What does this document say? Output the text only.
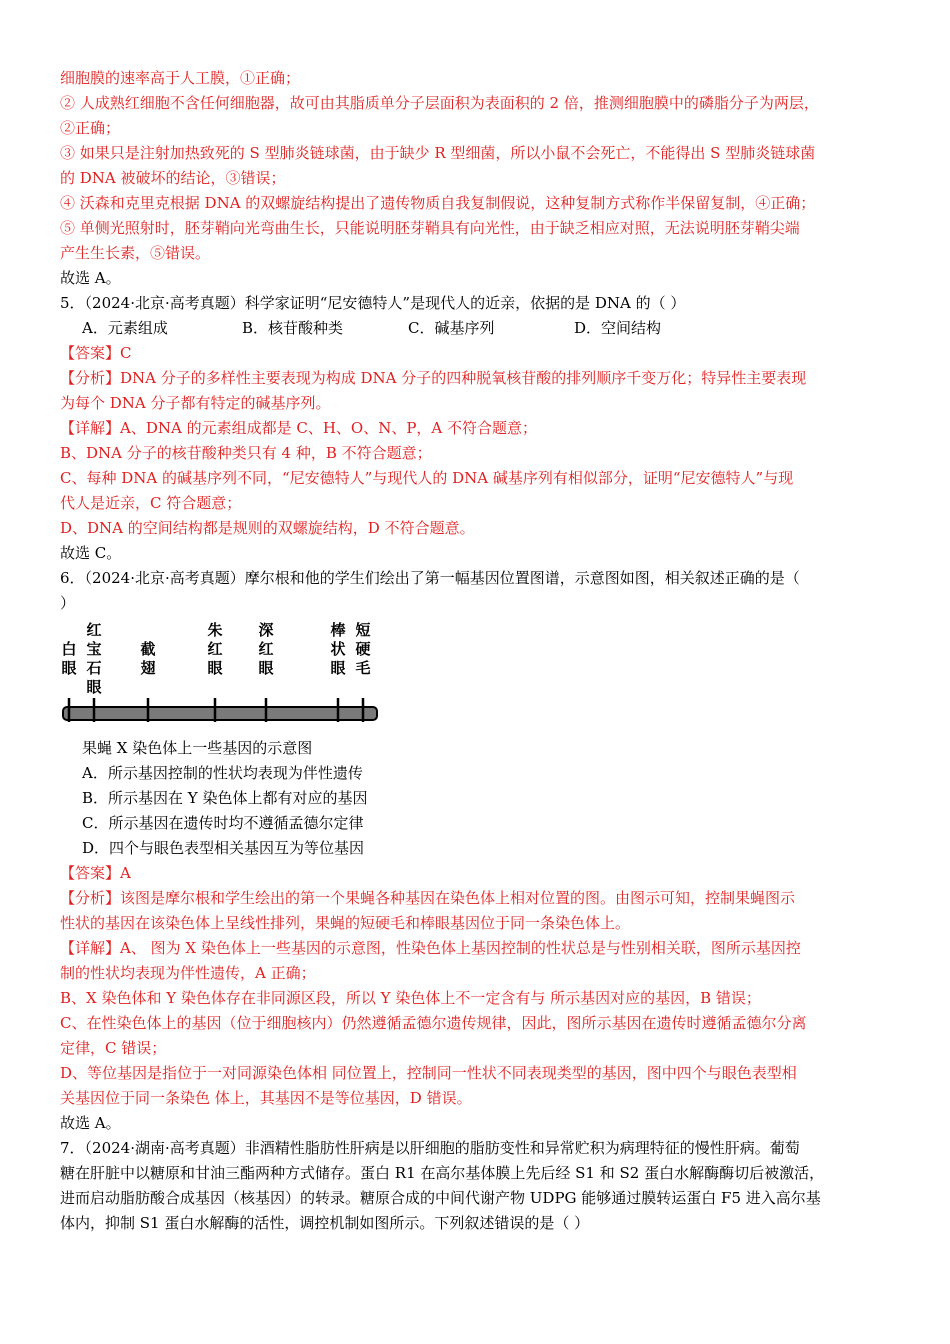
细胞膜的速率高于人工膜，①正确；
② 人成熟红细胞不含任何细胞器，故可由其脂质单分子层面积为表面积的 2 倍，推测细胞膜中的磷脂分子为两层，
②正确；
③ 如果只是注射加热致死的 S 型肺炎链球菌，由于缺少 R 型细菌，所以小鼠不会死亡，不能得出 S 型肺炎链球菌
的 DNA 被破坏的结论，③错误；
④ 沃森和克里克根据 DNA 的双螺旋结构提出了遗传物质自我复制假说，这种复制方式称作半保留复制，④正确；
⑤ 单侧光照射时，胚芽鞘向光弯曲生长，只能说明胚芽鞘具有向光性，由于缺乏相应对照，无法说明胚芽鞘尖端
产生生长素，⑤错误。
故选 A。
5．（2024·北京·高考真题）科学家证明“尼安德特人”是现代人的近亲，依据的是 DNA 的（ ）
A．元素组成	B．核苷酸种类	C．碱基序列	D．空间结构
【答案】C
【分析】DNA 分子的多样性主要表现为构成 DNA 分子的四种脱氧核苷酸的排列顺序千变万化；特异性主要表现
为每个 DNA 分子都有特定的碱基序列。
【详解】A、DNA 的元素组成都是 C、H、O、N、P，A 不符合题意；
B、DNA 分子的核苷酸种类只有 4 种，B 不符合题意；
C、每种 DNA 的碱基序列不同，“尼安德特人”与现代人的 DNA 碱基序列有相似部分，证明“尼安德特人”与现
代人是近亲，C 符合题意；
D、DNA 的空间结构都是规则的双螺旋结构，D 不符合题意。
故选 C。
6．（2024·北京·高考真题）摩尔根和他的学生们绘出了第一幅基因位置图谱，示意图如图，相关叙述正确的是（
）
白眼
红宝石眼
截翅
朱红眼
深红眼
棒状眼
短硬毛
果蝇 X 染色体上一些基因的示意图
A．所示基因控制的性状均表现为伴性遗传
B．所示基因在 Y 染色体上都有对应的基因
C．所示基因在遗传时均不遵循孟德尔定律
D．四个与眼色表型相关基因互为等位基因
【答案】A
【分析】该图是摩尔根和学生绘出的第一个果蝇各种基因在染色体上相对位置的图。由图示可知，控制果蝇图示
性状的基因在该染色体上呈线性排列，果蝇的短硬毛和棒眼基因位于同一条染色体上。
【详解】A、 图为 X 染色体上一些基因的示意图，性染色体上基因控制的性状总是与性别相关联，图所示基因控
制的性状均表现为伴性遗传，A 正确；
B、X 染色体和 Y 染色体存在非同源区段，所以 Y 染色体上不一定含有与 所示基因对应的基因，B 错误；
C、在性染色体上的基因（位于细胞核内）仍然遵循孟德尔遗传规律，因此，图所示基因在遗传时遵循孟德尔分离
定律，C 错误；
D、等位基因是指位于一对同源染色体相 同位置上，控制同一性状不同表现类型的基因，图中四个与眼色表型相
关基因位于同一条染色 体上，其基因不是等位基因，D 错误。
故选 A。
7．（2024·湖南·高考真题）非酒精性脂肪性肝病是以肝细胞的脂肪变性和异常贮积为病理特征的慢性肝病。葡萄
糖在肝脏中以糖原和甘油三酯两种方式储存。蛋白 R1 在高尔基体膜上先后经 S1 和 S2 蛋白水解酶酶切后被激活，
进而启动脂肪酸合成基因（核基因）的转录。糖原合成的中间代谢产物 UDPG 能够通过膜转运蛋白 F5 进入高尔基
体内，抑制 S1 蛋白水解酶的活性，调控机制如图所示。下列叙述错误的是（ ）
